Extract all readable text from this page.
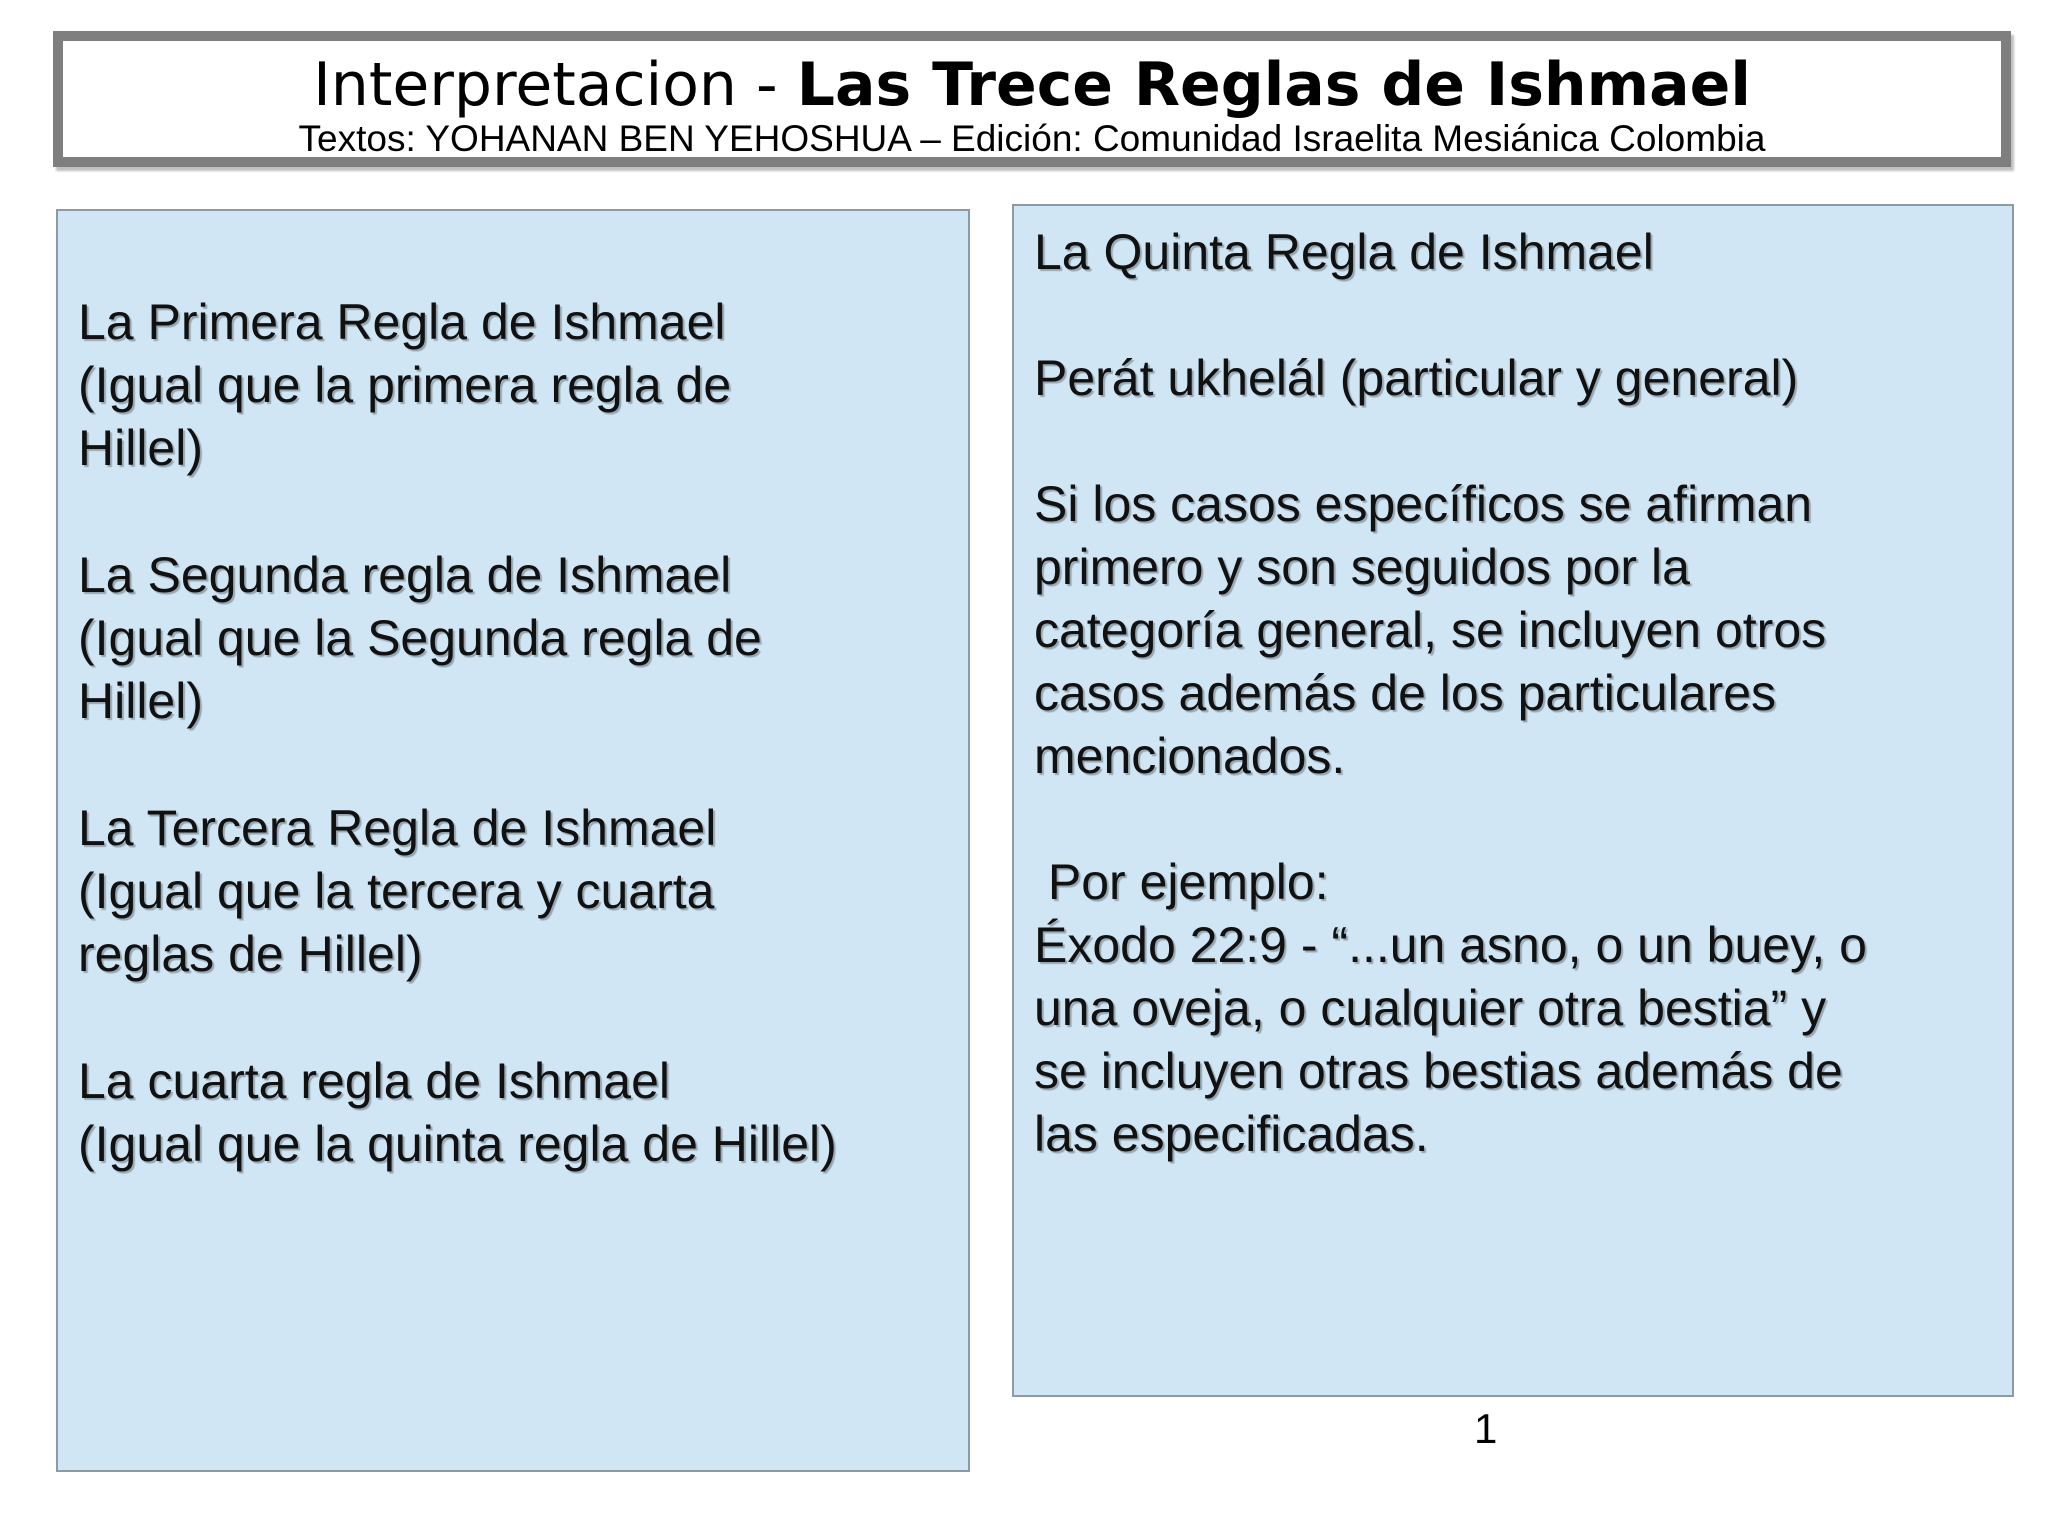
Interpretacion - Las Trece Reglas de Ishmael
Textos: YOHANAN BEN YEHOSHUA – Edición: Comunidad Israelita Mesiánica Colombia
La Primera Regla de Ishmael
(Igual que la primera regla de
Hillel)
La Segunda regla de Ishmael
(Igual que la Segunda regla de
Hillel)
La Tercera Regla de Ishmael
(Igual que la tercera y cuarta
reglas de Hillel)
La cuarta regla de Ishmael
(Igual que la quinta regla de Hillel)
La Quinta Regla de Ishmael
Perát ukhelál (particular y general)
Si los casos específicos se afirman
primero y son seguidos por la
categoría general, se incluyen otros
casos además de los particulares
mencionados.
Por ejemplo:
Éxodo 22:9 - “...un asno, o un buey, o
una oveja, o cualquier otra bestia” y
se incluyen otras bestias además de
las especificadas.
1
